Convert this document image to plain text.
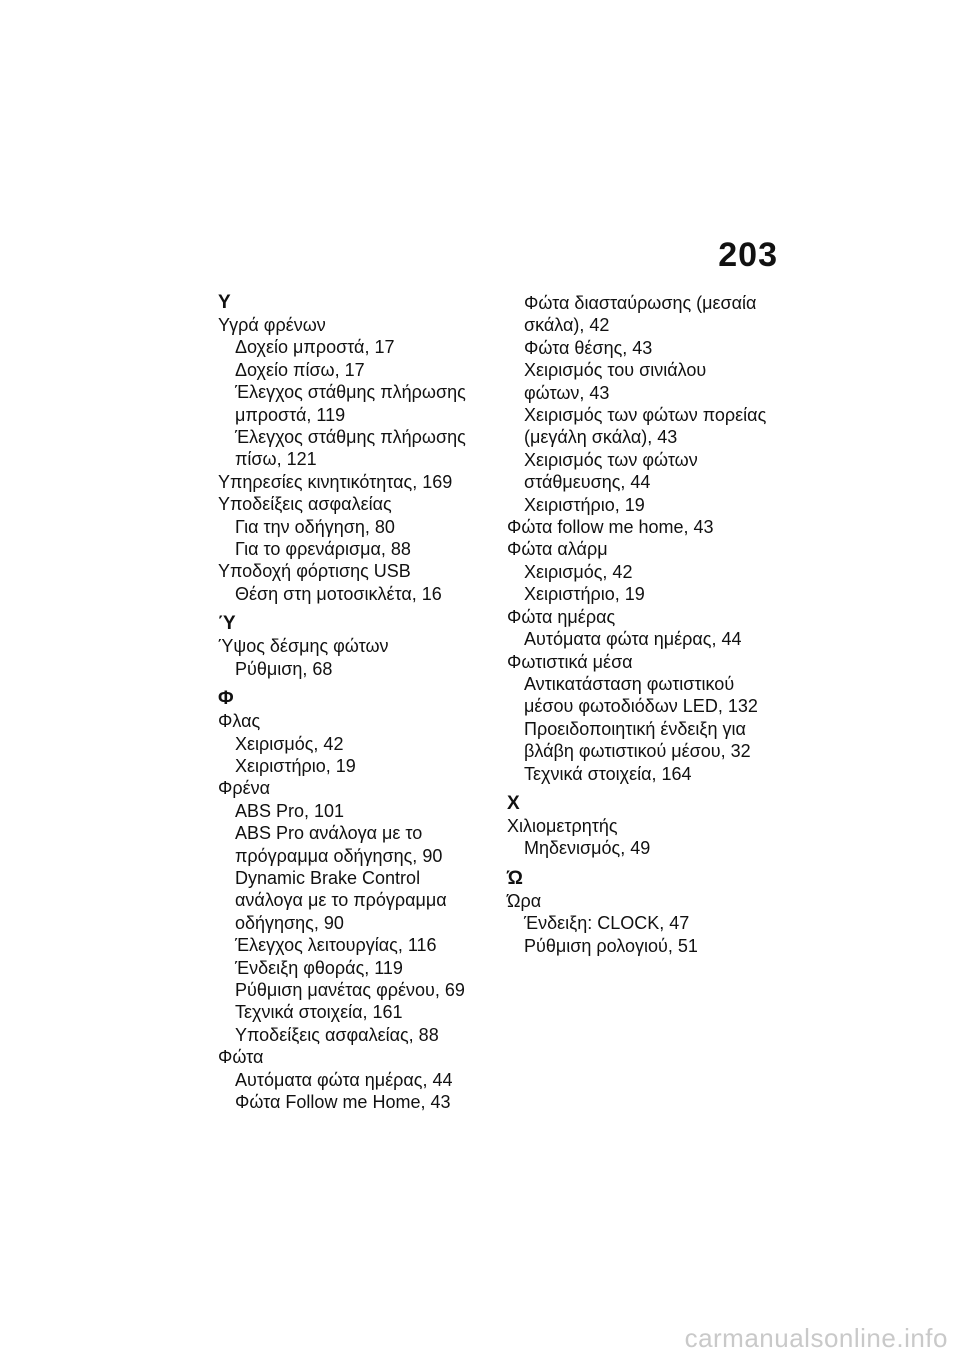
203
Υ
Υγρά φρένων
Δοχείο μπροστά, 17
Δοχείο πίσω, 17
Έλεγχος στάθμης πλήρωσης
μπροστά, 119
Έλεγχος στάθμης πλήρωσης
πίσω, 121
Υπηρεσίες κινητικότητας, 169
Υποδείξεις ασφαλείας
Για την οδήγηση, 80
Για το φρενάρισμα, 88
Υποδοχή φόρτισης USB
Θέση στη μοτοσικλέτα, 16
Ύ
Ύψος δέσμης φώτων
Ρύθμιση, 68
Φ
Φλας
Χειρισμός, 42
Χειριστήριο, 19
Φρένα
ABS Pro, 101
ABS Pro ανάλογα με το
πρόγραμμα οδήγησης, 90
Dynamic Brake Control
ανάλογα με το πρόγραμμα
οδήγησης, 90
Έλεγχος λειτουργίας, 116
Ένδειξη φθοράς, 119
Ρύθμιση μανέτας φρένου, 69
Τεχνικά στοιχεία, 161
Υποδείξεις ασφαλείας, 88
Φώτα
Αυτόματα φώτα ημέρας, 44
Φώτα Follow me Home, 43
Φώτα διασταύρωσης (μεσαία
σκάλα), 42
Φώτα θέσης, 43
Χειρισμός του σινιάλου
φώτων, 43
Χειρισμός των φώτων πορείας
(μεγάλη σκάλα), 43
Χειρισμός των φώτων
στάθμευσης, 44
Χειριστήριο, 19
Φώτα follow me home, 43
Φώτα αλάρμ
Χειρισμός, 42
Χειριστήριο, 19
Φώτα ημέρας
Αυτόματα φώτα ημέρας, 44
Φωτιστικά μέσα
Αντικατάσταση φωτιστικού
μέσου φωτοδιόδων LED, 132
Προειδοποιητική ένδειξη για
βλάβη φωτιστικού μέσου, 32
Τεχνικά στοιχεία, 164
Χ
Χιλιομετρητής
Μηδενισμός, 49
Ώ
Ώρα
Ένδειξη: CLOCK, 47
Ρύθμιση ρολογιού, 51
carmanualsonline.info
